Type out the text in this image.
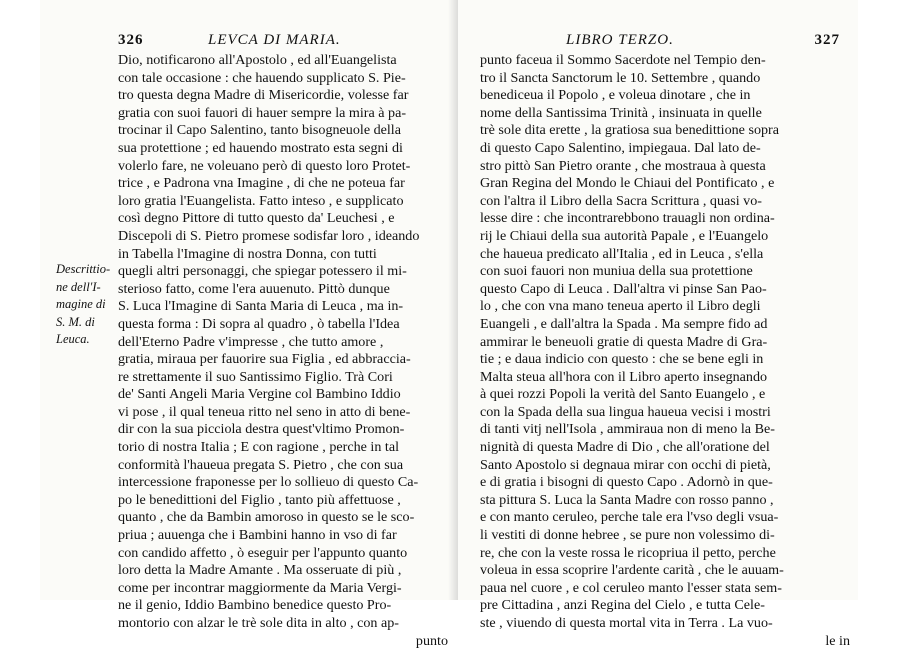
326	LEVCA DI MARIA.
Descrittio-
ne dell'I-
magine di
S. M. di
Leuca.
Dio, notificarono all'Apostolo , ed all'Euangelista
con tale occasione : che hauendo supplicato S. Pie-
tro questa degna Madre di Misericordie, volesse far
gratia con suoi fauori di hauer sempre la mira à pa-
trocinar il Capo Salentino, tanto bisogneuole della
sua protettione ; ed hauendo mostrato esta segni di
volerlo fare, ne voleuano però di questo loro Protet-
trice , e Padrona vna Imagine , di che ne poteua far
loro gratia l'Euangelista. Fatto inteso , e supplicato
così degno Pittore di tutto questo da' Leuchesi , e
Discepoli di S. Pietro promese sodisfar loro , ideando
in Tabella l'Imagine di nostra Donna, con tutti
quegli altri personaggi, che spiegar potessero il mi-
sterioso fatto, come l'era auuenuto. Pittò dunque
S. Luca l'Imagine di Santa Maria di Leuca , ma in-
questa forma : Di sopra al quadro , ò tabella l'Idea
dell'Eterno Padre v'impresse , che tutto amore ,
gratia, miraua per fauorire sua Figlia , ed abbraccia-
re strettamente il suo Santissimo Figlio. Trà Cori
de' Santi Angeli Maria Vergine col Bambino Iddio
vi pose , il qual teneua ritto nel seno in atto di bene-
dir con la sua picciola destra quest'vltimo Promon-
torio di nostra Italia ; E con ragione , perche in tal
conformità l'haueua pregata S. Pietro , che con sua
intercessione fraponesse per lo sollieuo di questo Ca-
po le benedittioni del Figlio , tanto più affettuose ,
quanto , che da Bambin amoroso in questo se le sco-
priua ; auuenga che i Bambini hanno in vso di far
con candido affetto , ò eseguir per l'appunto quanto
loro detta la Madre Amante . Ma osseruate di più ,
come per incontrar maggiormente da Maria Vergi-
ne il genio, Iddio Bambino benedice questo Pro-
montorio con alzar le trè sole dita in alto , con ap-
punto
LIBRO TERZO.	327
punto faceua il Sommo Sacerdote nel Tempio den-
tro il Sancta Sanctorum le 10. Settembre , quando
benediceua il Popolo , e voleua dinotare , che in
nome della Santissima Trinità , insinuata in quelle
trè sole dita erette , la gratiosa sua benedittione sopra
di questo Capo Salentino, impiegaua. Dal lato de-
stro pittò San Pietro orante , che mostraua à questa
Gran Regina del Mondo le Chiaui del Pontificato , e
con l'altra il Libro della Sacra Scrittura , quasi vo-
lesse dire : che incontrarebbono trauagli non ordina-
rij le Chiaui della sua autorità Papale , e l'Euangelo
che haueua predicato all'Italia , ed in Leuca , s'ella
con suoi fauori non muniua della sua protettione
questo Capo di Leuca . Dall'altra vi pinse San Pao-
lo , che con vna mano teneua aperto il Libro degli
Euangeli , e dall'altra la Spada . Ma sempre fido ad
ammirar le beneuoli gratie di questa Madre di Gra-
tie ; e daua indicio con questo : che se bene egli in
Malta steua all'hora con il Libro aperto insegnando
à quei rozzi Popoli la verità del Santo Euangelo , e
con la Spada della sua lingua haueua vecisi i mostri
di tanti vitj nell'Isola , ammiraua non di meno la Be-
nignità di questa Madre di Dio , che all'oratione del
Santo Apostolo si degnaua mirar con occhi di pietà,
e di gratia i bisogni di questo Capo . Adornò in que-
sta pittura S. Luca la Santa Madre con rosso panno ,
e con manto ceruleo, perche tale era l'vso degli vsua-
li vestiti di donne hebree , se pure non volessimo di-
re, che con la veste rossa le ricopriua il petto, perche
voleua in essa scoprire l'ardente carità , che le auuam-
paua nel cuore , e col ceruleo manto l'esser stata sem-
pre Cittadina , anzi Regina del Cielo , e tutta Cele-
ste , viuendo di questa mortal vita in Terra . La vuo-
le in
